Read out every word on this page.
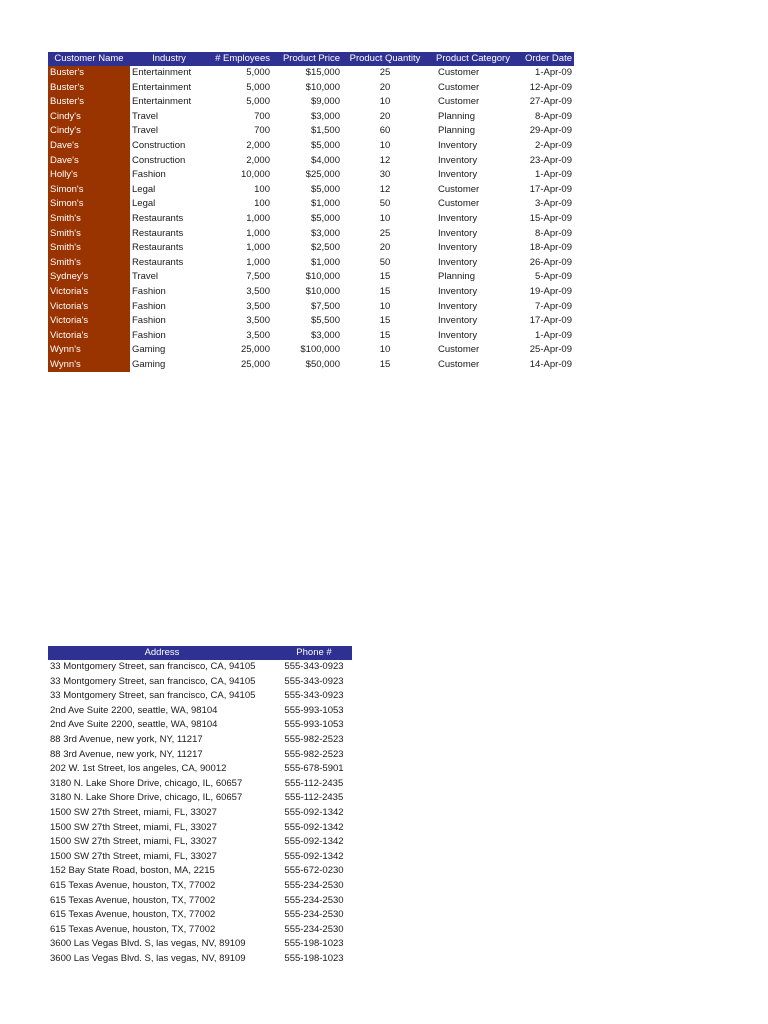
Customer Name	Industry	# Employees	Product Price	Product Quantity	Product Category	Order Date
Buster's	Entertainment	5,000	$15,000	25	Customer	1-Apr-09
Buster's	Entertainment	5,000	$10,000	20	Customer	12-Apr-09
Buster's	Entertainment	5,000	$9,000	10	Customer	27-Apr-09
Cindy's	Travel	700	$3,000	20	Planning	8-Apr-09
Cindy's	Travel	700	$1,500	60	Planning	29-Apr-09
Dave's	Construction	2,000	$5,000	10	Inventory	2-Apr-09
Dave's	Construction	2,000	$4,000	12	Inventory	23-Apr-09
Holly's	Fashion	10,000	$25,000	30	Inventory	1-Apr-09
Simon's	Legal	100	$5,000	12	Customer	17-Apr-09
Simon's	Legal	100	$1,000	50	Customer	3-Apr-09
Smith's	Restaurants	1,000	$5,000	10	Inventory	15-Apr-09
Smith's	Restaurants	1,000	$3,000	25	Inventory	8-Apr-09
Smith's	Restaurants	1,000	$2,500	20	Inventory	18-Apr-09
Smith's	Restaurants	1,000	$1,000	50	Inventory	26-Apr-09
Sydney's	Travel	7,500	$10,000	15	Planning	5-Apr-09
Victoria's	Fashion	3,500	$10,000	15	Inventory	19-Apr-09
Victoria's	Fashion	3,500	$7,500	10	Inventory	7-Apr-09
Victoria's	Fashion	3,500	$5,500	15	Inventory	17-Apr-09
Victoria's	Fashion	3,500	$3,000	15	Inventory	1-Apr-09
Wynn's	Gaming	25,000	$100,000	10	Customer	25-Apr-09
Wynn's	Gaming	25,000	$50,000	15	Customer	14-Apr-09
Address	Phone #
33 Montgomery Street, san francisco, CA, 94105	555-343-0923
33 Montgomery Street, san francisco, CA, 94105	555-343-0923
33 Montgomery Street, san francisco, CA, 94105	555-343-0923
2nd Ave Suite 2200, seattle, WA, 98104	555-993-1053
2nd Ave Suite 2200, seattle, WA, 98104	555-993-1053
88 3rd Avenue, new york, NY, 11217	555-982-2523
88 3rd Avenue, new york, NY, 11217	555-982-2523
202 W. 1st Street, los angeles, CA, 90012	555-678-5901
3180 N. Lake Shore Drive, chicago, IL, 60657	555-112-2435
3180 N. Lake Shore Drive, chicago, IL, 60657	555-112-2435
1500 SW 27th Street, miami, FL, 33027	555-092-1342
1500 SW 27th Street, miami, FL, 33027	555-092-1342
1500 SW 27th Street, miami, FL, 33027	555-092-1342
1500 SW 27th Street, miami, FL, 33027	555-092-1342
152 Bay State Road, boston, MA, 2215	555-672-0230
615 Texas Avenue, houston, TX, 77002	555-234-2530
615 Texas Avenue, houston, TX, 77002	555-234-2530
615 Texas Avenue, houston, TX, 77002	555-234-2530
615 Texas Avenue, houston, TX, 77002	555-234-2530
3600 Las Vegas Blvd. S, las vegas, NV, 89109	555-198-1023
3600 Las Vegas Blvd. S, las vegas, NV, 89109	555-198-1023
